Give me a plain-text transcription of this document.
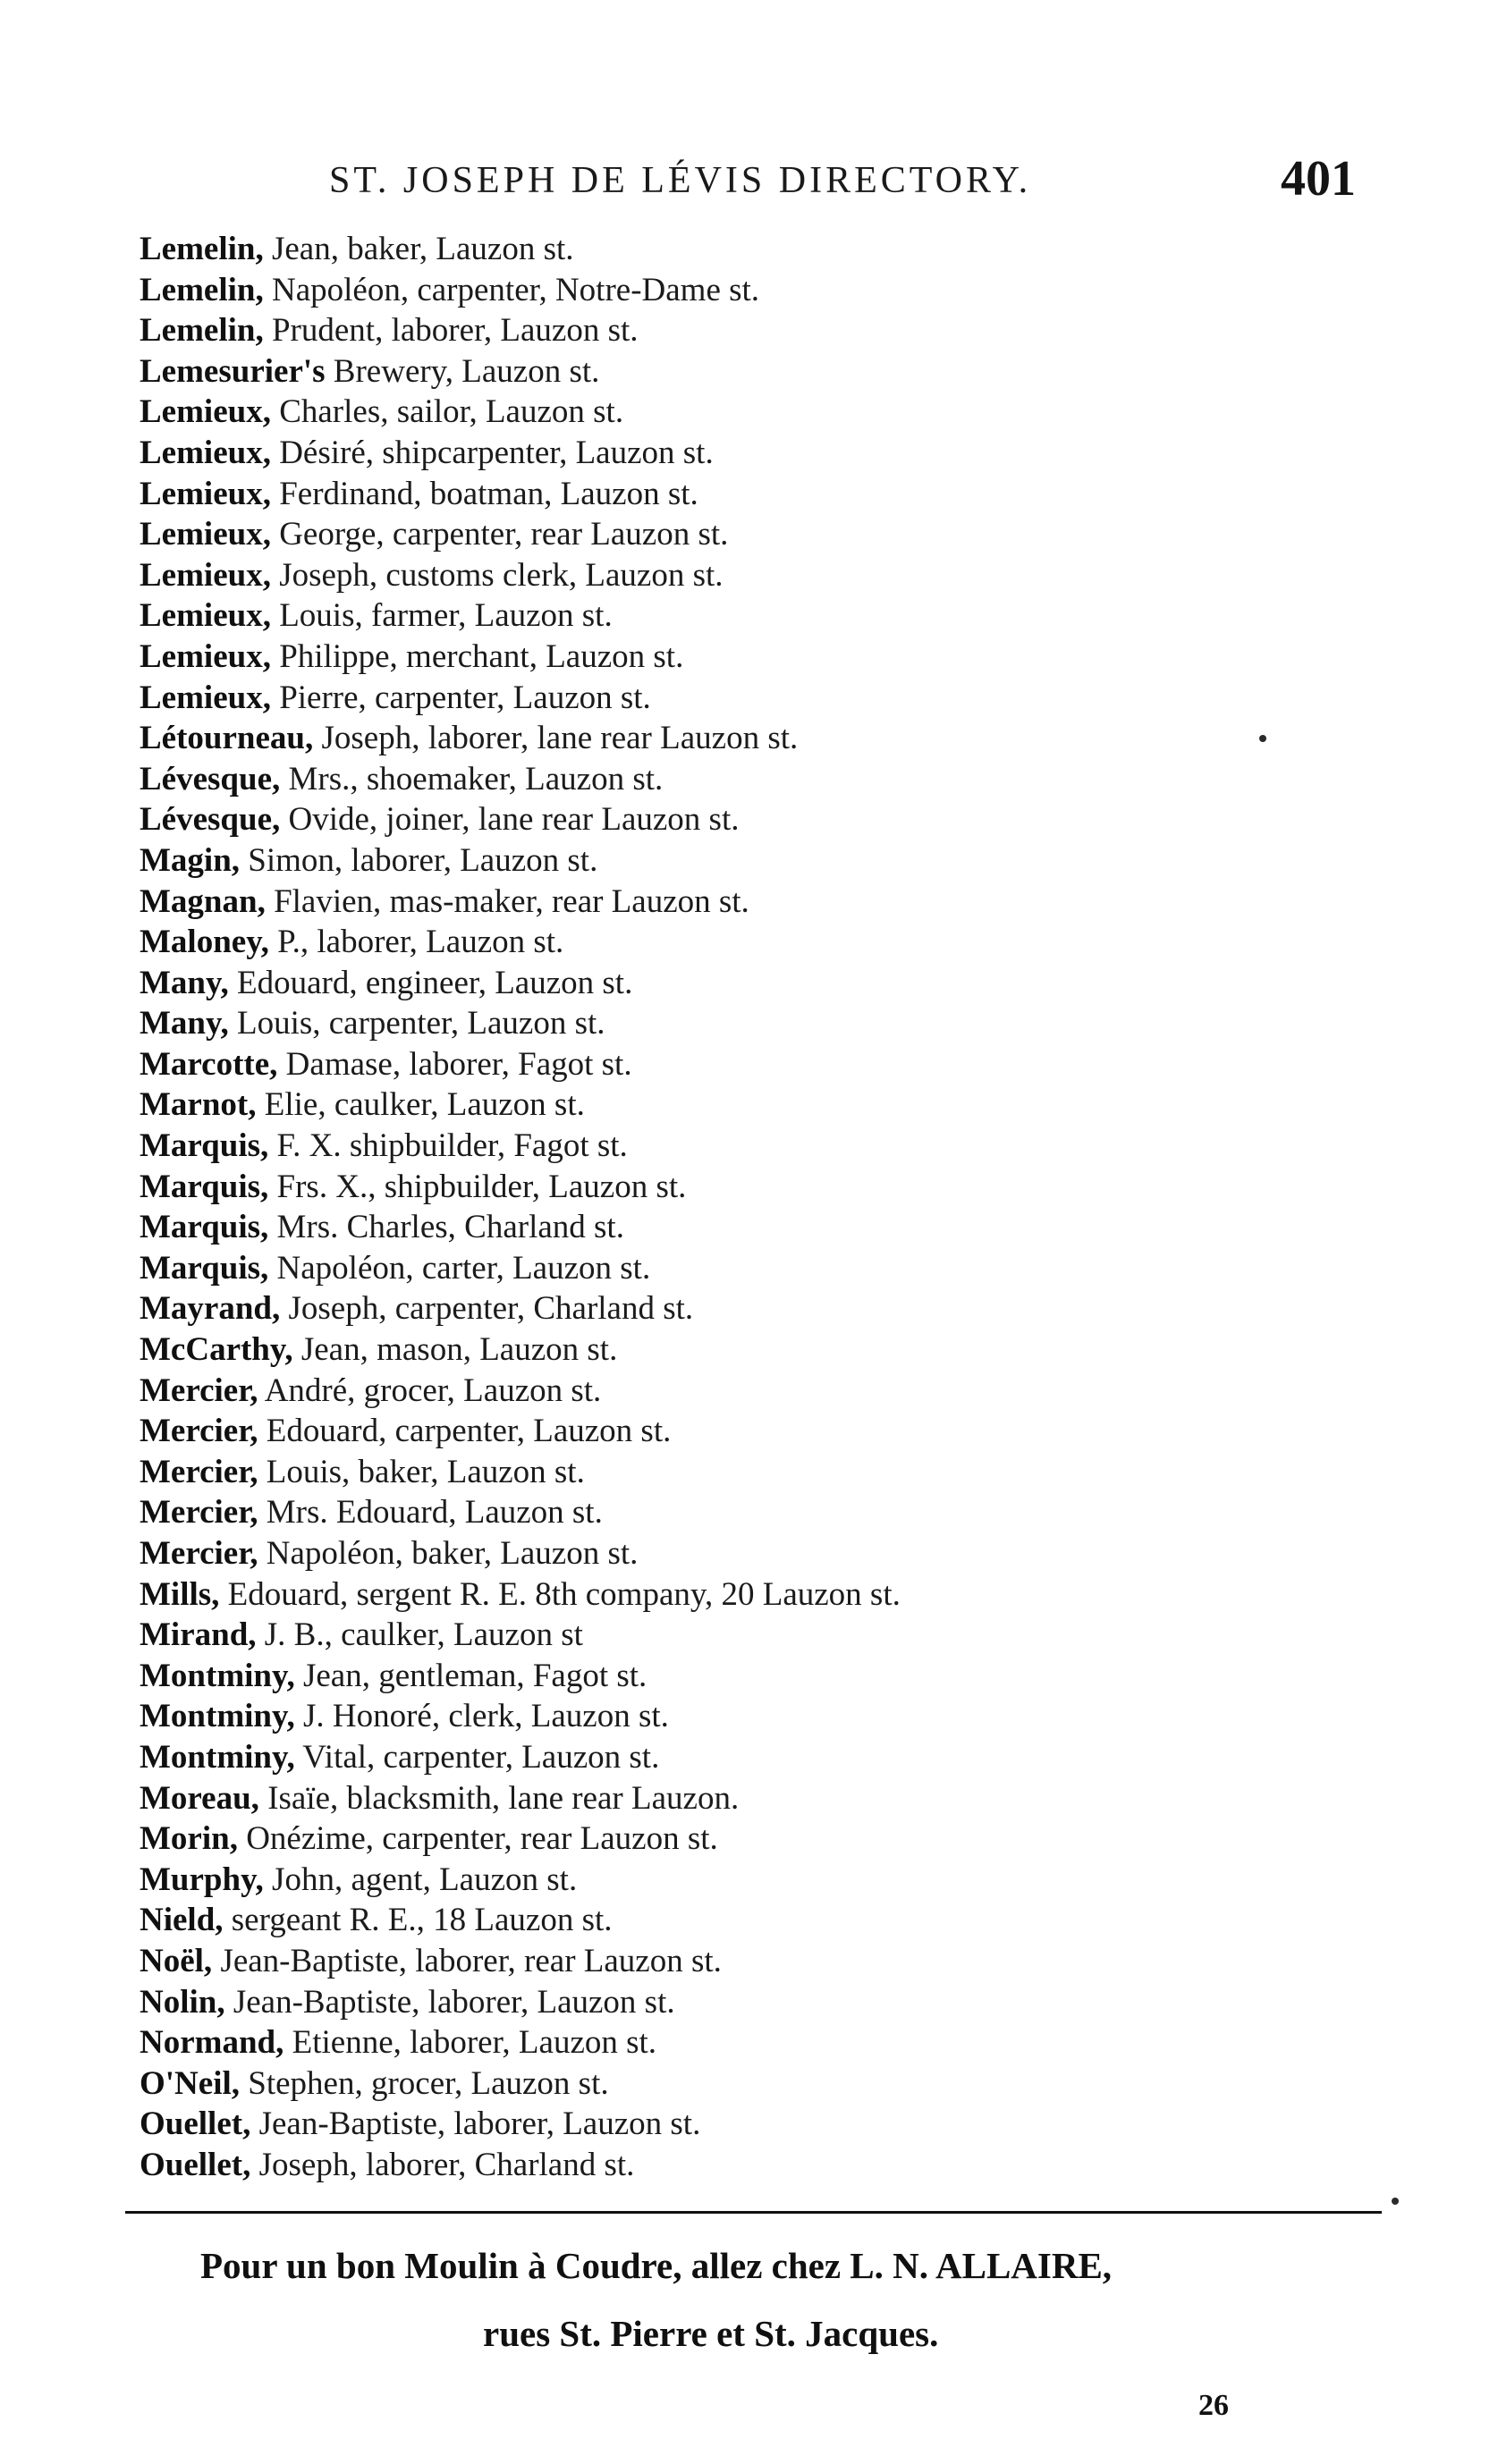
ST. JOSEPH DE LÉVIS DIRECTORY.	401
Lemelin, Jean, baker, Lauzon st.
Lemelin, Napoléon, carpenter, Notre-Dame st.
Lemelin, Prudent, laborer, Lauzon st.
Lemesurier's Brewery, Lauzon st.
Lemieux, Charles, sailor, Lauzon st.
Lemieux, Désiré, shipcarpenter, Lauzon st.
Lemieux, Ferdinand, boatman, Lauzon st.
Lemieux, George, carpenter, rear Lauzon st.
Lemieux, Joseph, customs clerk, Lauzon st.
Lemieux, Louis, farmer, Lauzon st.
Lemieux, Philippe, merchant, Lauzon st.
Lemieux, Pierre, carpenter, Lauzon st.
Létourneau, Joseph, laborer, lane rear Lauzon st.
Lévesque, Mrs., shoemaker, Lauzon st.
Lévesque, Ovide, joiner, lane rear Lauzon st.
Magin, Simon, laborer, Lauzon st.
Magnan, Flavien, mas-maker, rear Lauzon st.
Maloney, P., laborer, Lauzon st.
Many, Edouard, engineer, Lauzon st.
Many, Louis, carpenter, Lauzon st.
Marcotte, Damase, laborer, Fagot st.
Marnot, Elie, caulker, Lauzon st.
Marquis, F. X. shipbuilder, Fagot st.
Marquis, Frs. X., shipbuilder, Lauzon st.
Marquis, Mrs. Charles, Charland st.
Marquis, Napoléon, carter, Lauzon st.
Mayrand, Joseph, carpenter, Charland st.
McCarthy, Jean, mason, Lauzon st.
Mercier, André, grocer, Lauzon st.
Mercier, Edouard, carpenter, Lauzon st.
Mercier, Louis, baker, Lauzon st.
Mercier, Mrs. Edouard, Lauzon st.
Mercier, Napoléon, baker, Lauzon st.
Mills, Edouard, sergent R. E. 8th company, 20 Lauzon st.
Mirand, J. B., caulker, Lauzon st
Montminy, Jean, gentleman, Fagot st.
Montminy, J. Honoré, clerk, Lauzon st.
Montminy, Vital, carpenter, Lauzon st.
Moreau, Isaïe, blacksmith, lane rear Lauzon.
Morin, Onézime, carpenter, rear Lauzon st.
Murphy, John, agent, Lauzon st.
Nield, sergeant R. E., 18 Lauzon st.
Noël, Jean-Baptiste, laborer, rear Lauzon st.
Nolin, Jean-Baptiste, laborer, Lauzon st.
Normand, Etienne, laborer, Lauzon st.
O'Neil, Stephen, grocer, Lauzon st.
Ouellet, Jean-Baptiste, laborer, Lauzon st.
Ouellet, Joseph, laborer, Charland st.
Pour un bon Moulin à Coudre, allez chez L. N. ALLAIRE,
rues St. Pierre et St. Jacques.
26
